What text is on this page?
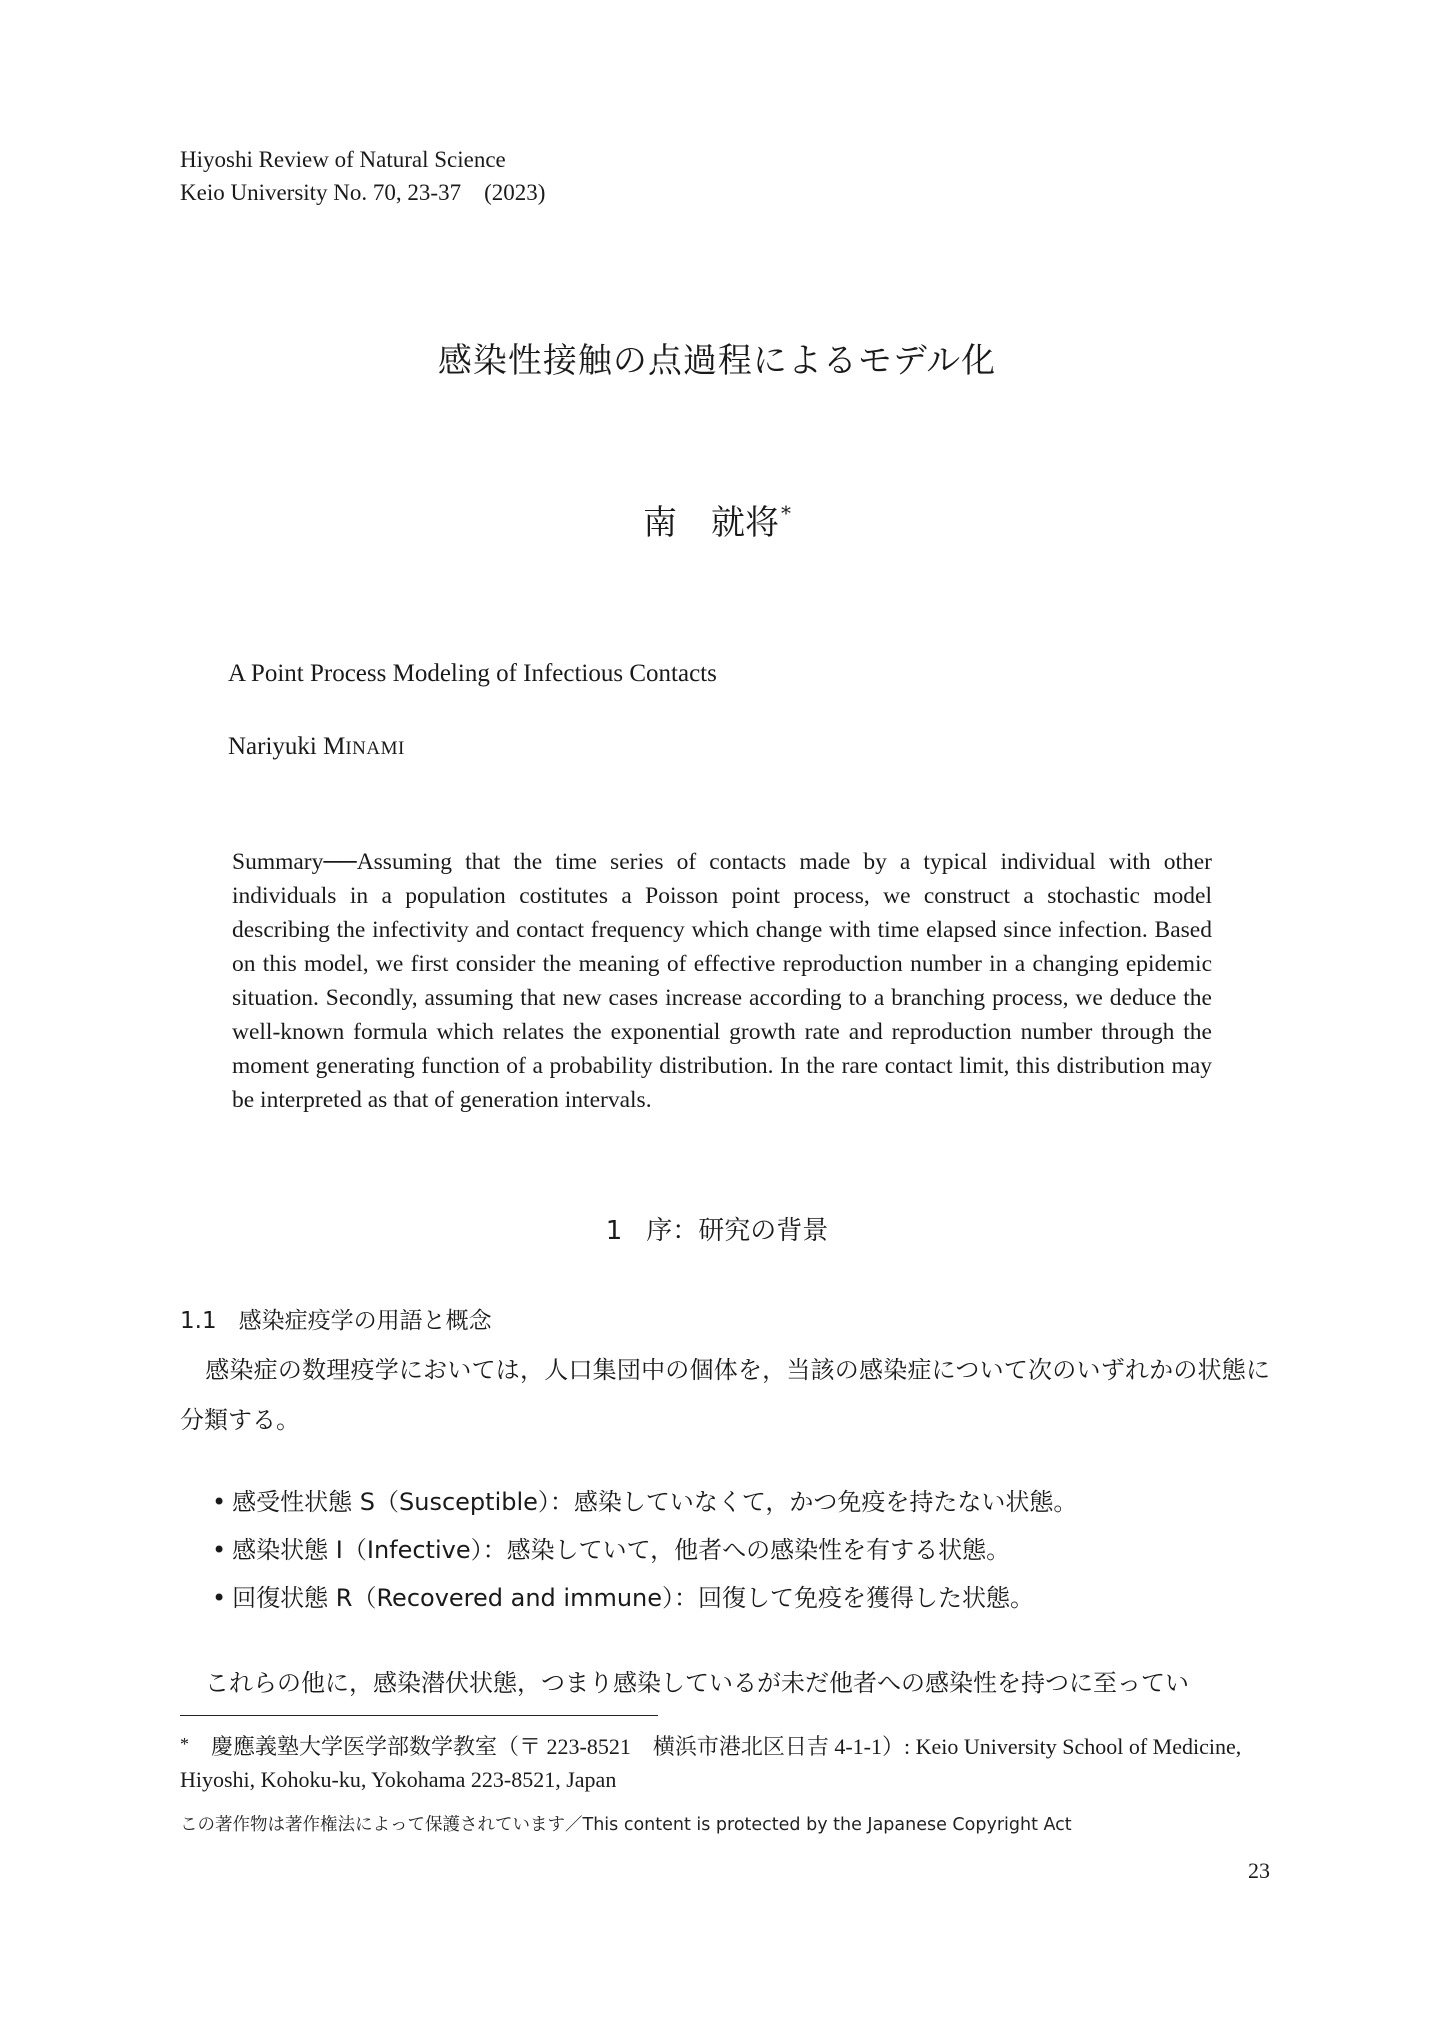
Hiyoshi Review of Natural Science
Keio University No. 70, 23-37　(2023)
感染性接触の点過程によるモデル化
南　就将 *
A Point Process Modeling of Infectious Contacts
Nariyuki MINAMI
Summary──Assuming that the time series of contacts made by a typical individual with other individuals in a population costitutes a Poisson point process, we construct a stochastic model describing the infectivity and contact frequency which change with time elapsed since infection. Based on this model, we first consider the meaning of effective reproduction number in a changing epidemic situation. Secondly, assuming that new cases increase according to a branching process, we deduce the well-known formula which relates the exponential growth rate and reproduction number through the moment generating function of a probability distribution. In the rare contact limit, this distribution may be interpreted as that of generation intervals.
1 序：研究の背景
1.1 感染症疫学の用語と概念
感染症の数理疫学においては，人口集団中の個体を，当該の感染症について次のいずれかの状態に分類する。
• 感受性状態 S（Susceptible）：感染していなくて，かつ免疫を持たない状態。
• 感染状態 I（Infective）：感染していて，他者への感染性を有する状態。
• 回復状態 R（Recovered and immune）：回復して免疫を獲得した状態。
これらの他に，感染潜伏状態，つまり感染しているが未だ他者への感染性を持つに至ってい
* 慶應義塾大学医学部数学教室（〒 223-8521　横浜市港北区日吉 4-1-1）: Keio University School of Medicine, Hiyoshi, Kohoku-ku, Yokohama 223-8521, Japan
この著作物は著作権法によって保護されています／This content is protected by the Japanese Copyright Act
23
